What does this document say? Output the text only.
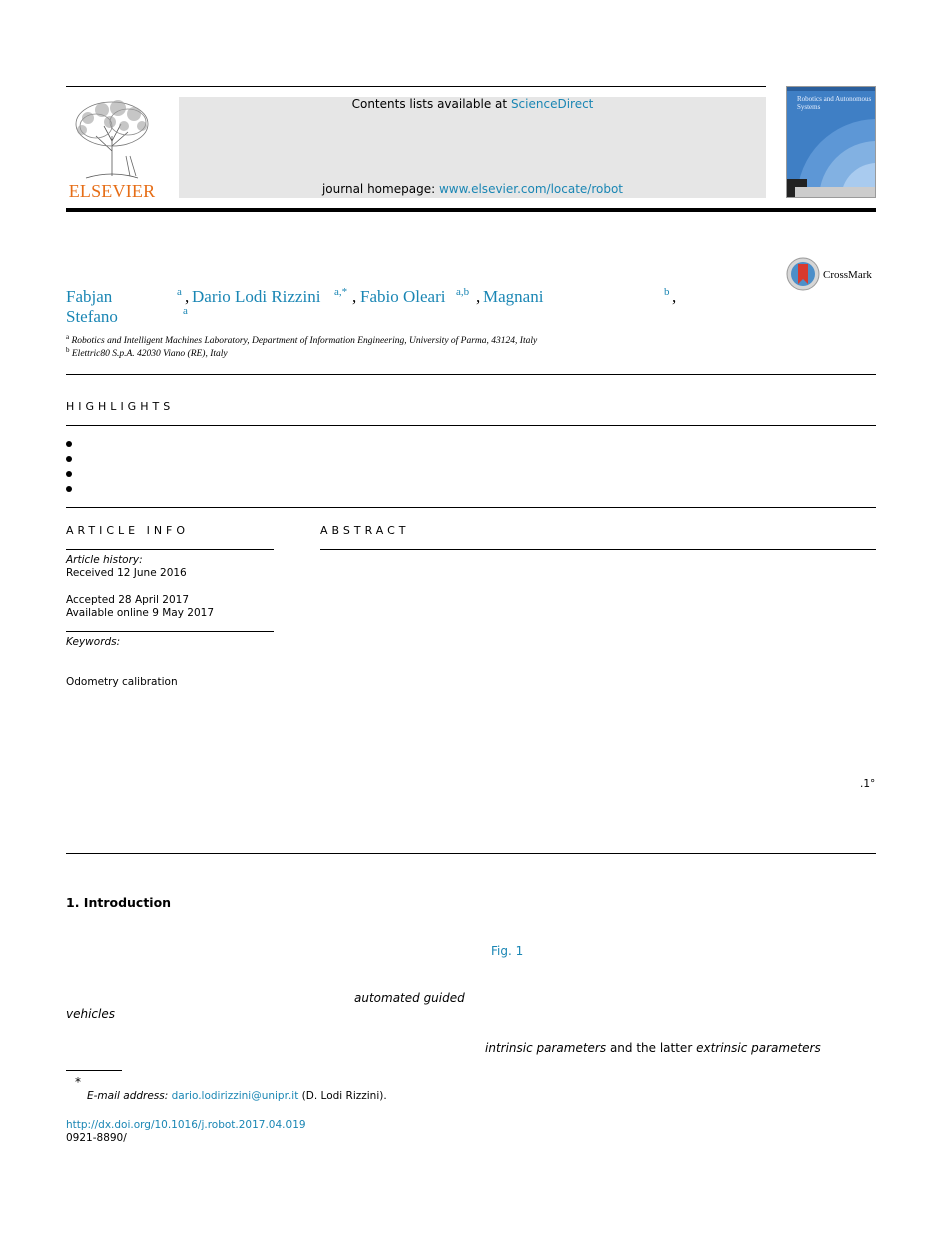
ELSEVIER
Contents lists available at ScienceDirect
journal homepage: www.elsevier.com/locate/robot
Robotics and Autonomous Systems
CrossMark
Fabjan	a , Dario Lodi Rizzini a,* , Fabio Oleari a,b , Magnani	b ,
Stefano	a
$^a$ Robotics and Intelligent Machines Laboratory, Department of Information Engineering, University of Parma, 43124, Italy
$^b$ Elettric80 S.p.A. 42030 Viano (RE), Italy
HIGHLIGHTS
ARTICLE INFO	ABSTRACT
Article history:
Received 12 June 2016
Accepted 28 April 2017
Available online 9 May 2017
Keywords:
Odometry calibration
.1°
1. Introduction
Fig. 1
automated guided
vehicles
intrinsic parameters and the latter extrinsic parameters
*
E-mail address: dario.lodirizzini@unipr.it (D. Lodi Rizzini).
http://dx.doi.org/10.1016/j.robot.2017.04.019
0921-8890/
